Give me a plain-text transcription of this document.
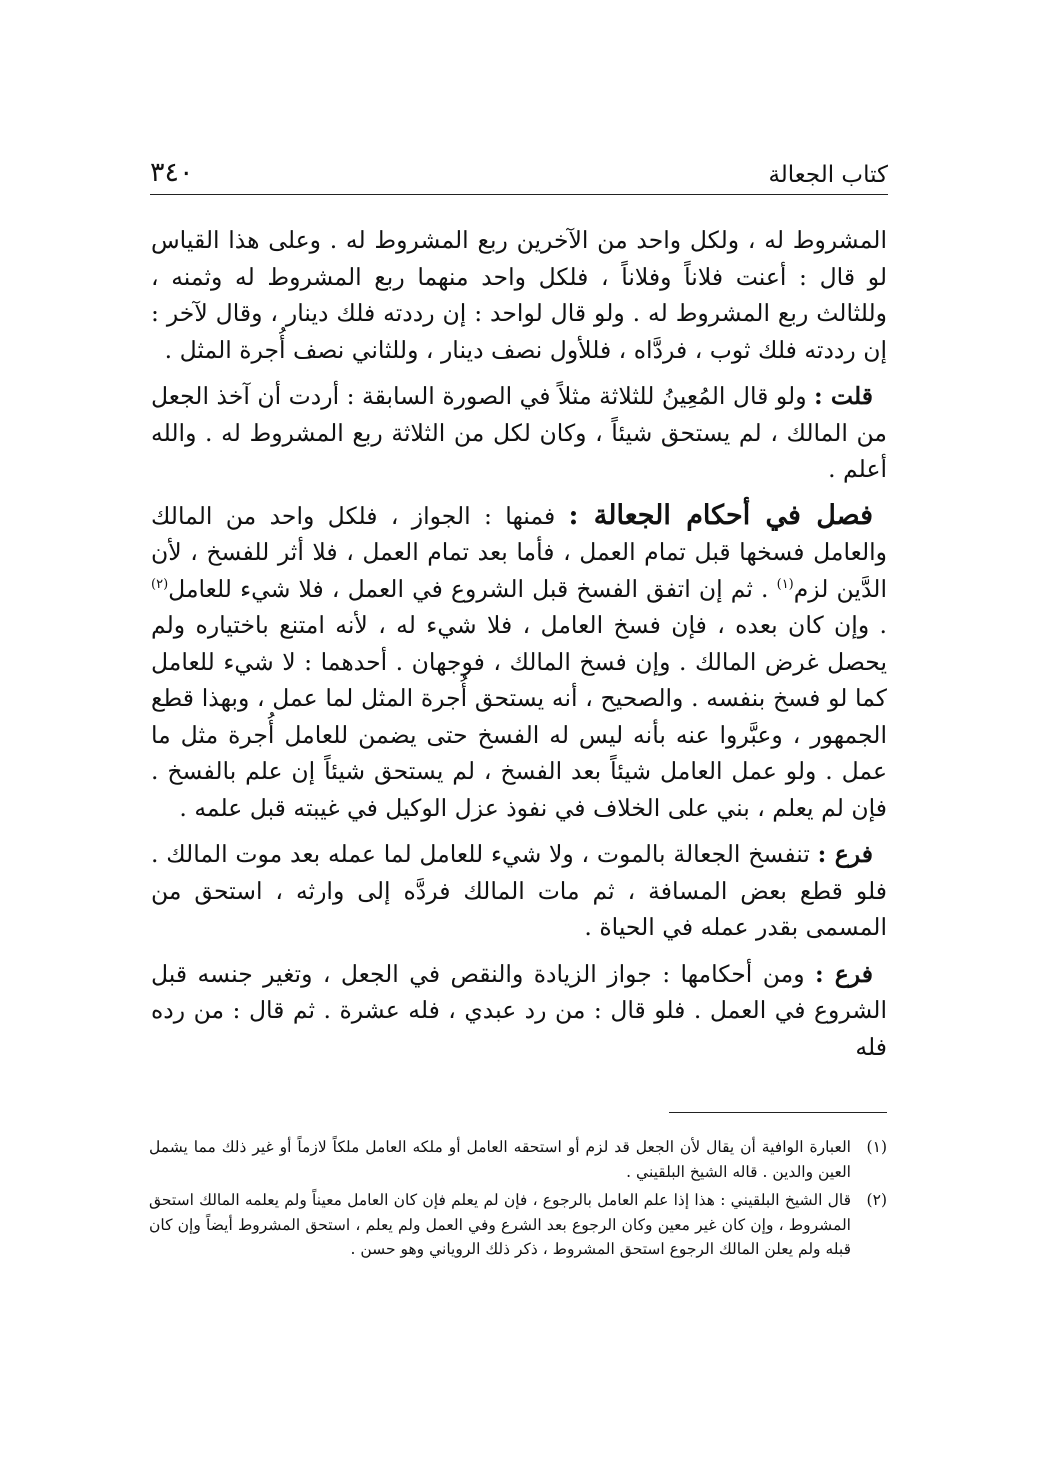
٣٤٠	كتاب الجعالة

المشروط له ، ولكل واحد من الآخرين ربع المشروط له . وعلى هذا القياس لو قال : أعنت فلاناً وفلاناً ، فلكل واحد منهما ربع المشروط له وثمنه ، وللثالث ربع المشروط له . ولو قال لواحد : إن رددته فلك دينار ، وقال لآخر : إن رددته فلك ثوب ، فردَّاه ، فللأول نصف دينار ، وللثاني نصف أُجرة المثل .

قلت : ولو قال المُعِينُ للثلاثة مثلاً في الصورة السابقة : أردت أن آخذ الجعل من المالك ، لم يستحق شيئاً ، وكان لكل من الثلاثة ربع المشروط له . والله أعلم .

فصل في أحكام الجعالة : فمنها : الجواز ، فلكل واحد من المالك والعامل فسخها قبل تمام العمل ، فأما بعد تمام العمل ، فلا أثر للفسخ ، لأن الدَّين لزم$^{(١)}$ . ثم إن اتفق الفسخ قبل الشروع في العمل ، فلا شيء للعامل$^{(٢)}$ . وإن كان بعده ، فإن فسخ العامل ، فلا شيء له ، لأنه امتنع باختياره ولم يحصل غرض المالك . وإن فسخ المالك ، فوجهان . أحدهما : لا شيء للعامل كما لو فسخ بنفسه . والصحيح ، أنه يستحق أُجرة المثل لما عمل ، وبهذا قطع الجمهور ، وعبَّروا عنه بأنه ليس له الفسخ حتى يضمن للعامل أُجرة مثل ما عمل . ولو عمل العامل شيئاً بعد الفسخ ، لم يستحق شيئاً إن علم بالفسخ . فإن لم يعلم ، بني على الخلاف في نفوذ عزل الوكيل في غيبته قبل علمه .

فرع : تنفسخ الجعالة بالموت ، ولا شيء للعامل لما عمله بعد موت المالك . فلو قطع بعض المسافة ، ثم مات المالك فردَّه إلى وارثه ، استحق من المسمى بقدر عمله في الحياة .

فرع : ومن أحكامها : جواز الزيادة والنقص في الجعل ، وتغير جنسه قبل الشروع في العمل . فلو قال : من رد عبدي ، فله عشرة . ثم قال : من رده فله

(١)
العبارة الوافية أن يقال لأن الجعل قد لزم أو استحقه العامل أو ملكه العامل ملكاً لازماً أو غير ذلك مما يشمل العين والدين . قاله الشيخ البلقيني .
(٢)
قال الشيخ البلقيني : هذا إذا علم العامل بالرجوع ، فإن لم يعلم فإن كان العامل معيناً ولم يعلمه المالك استحق المشروط ، وإن كان غير معين وكان الرجوع بعد الشرع وفي العمل ولم يعلم ، استحق المشروط أيضاً وإن كان قبله ولم يعلن المالك الرجوع استحق المشروط ، ذكر ذلك الروياني وهو حسن .
